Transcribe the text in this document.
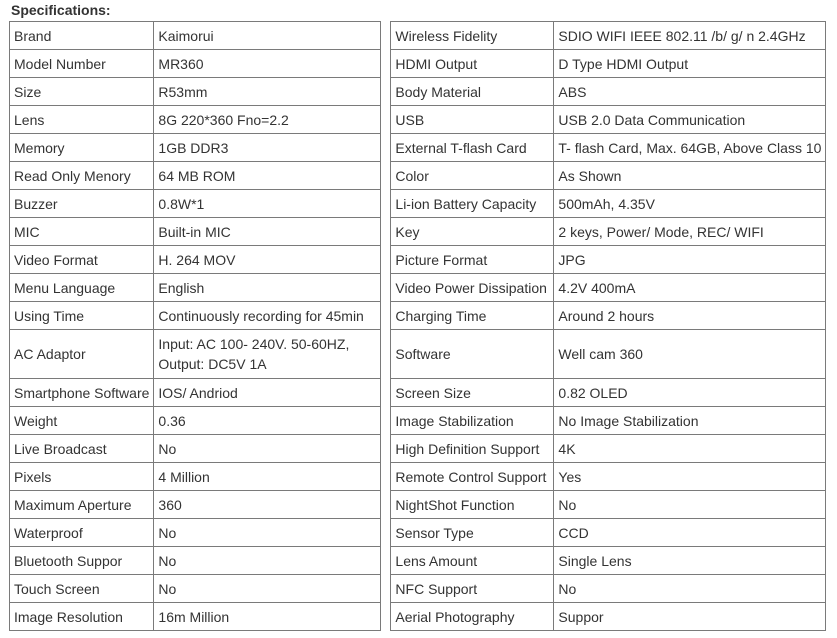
Specifications:
Brand	Kaimorui		Wireless Fidelity	SDIO WIFI IEEE 802.11 /b/ g/ n 2.4GHz
Model Number	MR360		HDMI Output	D Type HDMI Output
Size	R53mm		Body Material	ABS
Lens	8G 220*360 Fno=2.2		USB	USB 2.0 Data Communication
Memory	1GB DDR3		External T-flash Card	T- flash Card, Max. 64GB, Above Class 10
Read Only Menory	64 MB ROM		Color	As Shown
Buzzer	0.8W*1		Li-ion Battery Capacity	500mAh, 4.35V
MIC	Built-in MIC		Key	2 keys, Power/ Mode, REC/ WIFI
Video Format	H. 264 MOV		Picture Format	JPG
Menu Language	English		Video Power Dissipation	4.2V 400mA
Using Time	Continuously recording for 45min		Charging Time	Around 2 hours
AC Adaptor	Input: AC 100- 240V. 50-60HZ, Output: DC5V 1A		Software	Well cam 360
Smartphone Software	IOS/ Andriod		Screen Size	0.82 OLED
Weight	0.36		Image Stabilization	No Image Stabilization
Live Broadcast	No		High Definition Support	4K
Pixels	4 Million		Remote Control Support	Yes
Maximum Aperture	360		NightShot Function	No
Waterproof	No		Sensor Type	CCD
Bluetooth Suppor	No		Lens Amount	Single Lens
Touch Screen	No		NFC Support	No
Image Resolution	16m Million		Aerial Photography	Suppor
